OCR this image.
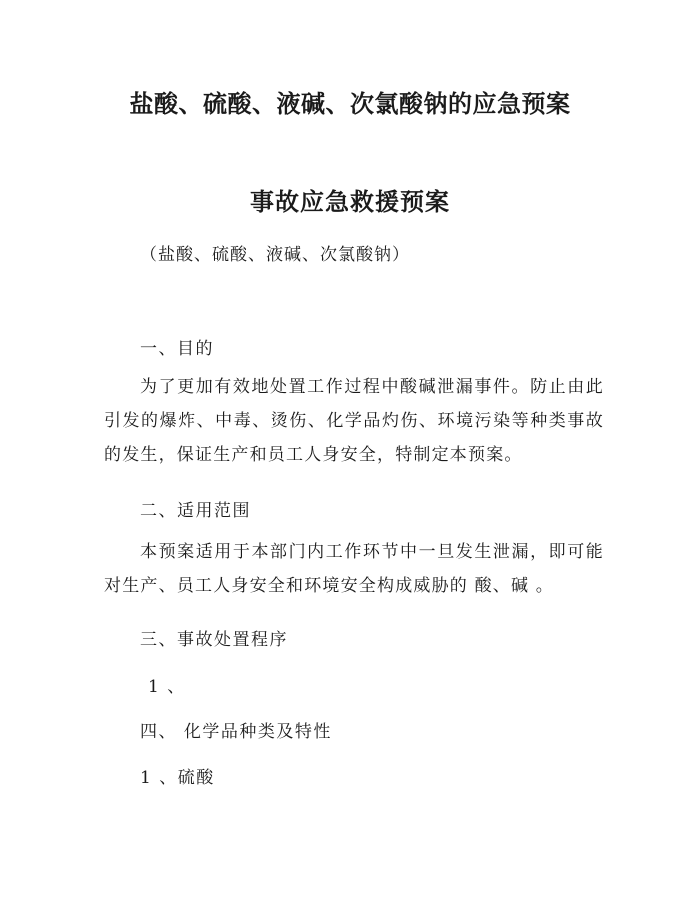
盐酸、硫酸、液碱、次氯酸钠的应急预案
事故应急救援预案
（盐酸、硫酸、液碱、次氯酸钠）
一、目的
为了更加有效地处置工作过程中酸碱泄漏事件。防止由此引发的爆炸、中毒、烫伤、化学品灼伤、环境污染等种类事故的发生，保证生产和员工人身安全，特制定本预案。
二、适用范围
本预案适用于本部门内工作环节中一旦发生泄漏，即可能对生产、员工人身安全和环境安全构成威胁的 酸、碱 。
三、事故处置程序
1 、
四、 化学品种类及特性
1 、硫酸
